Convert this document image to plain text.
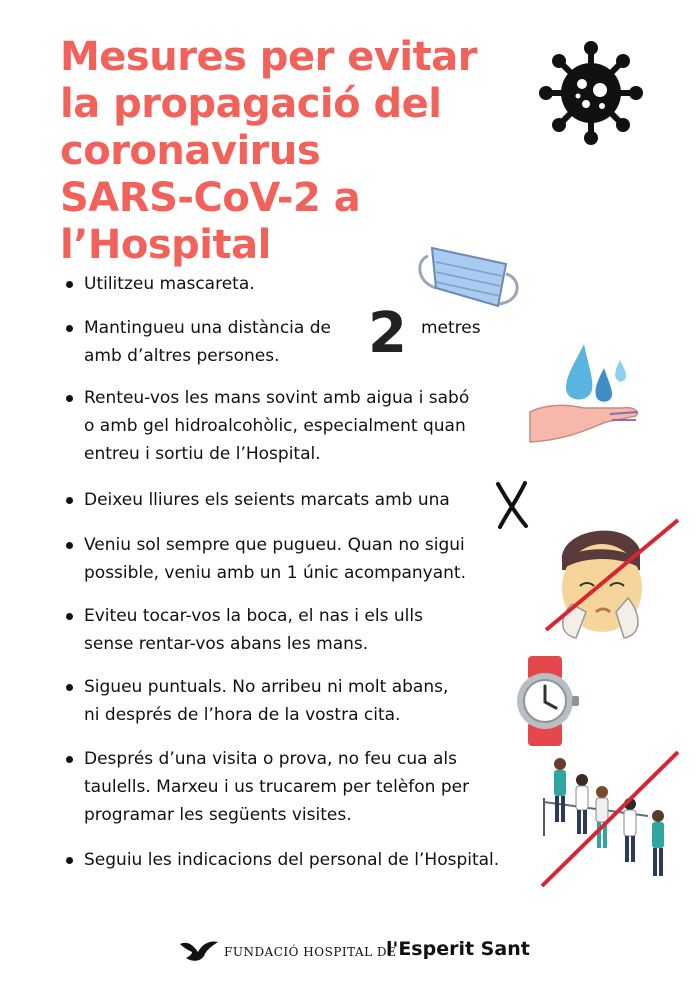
Mesures per evitar
la propagació del
coronavirus
SARS-CoV-2 a l’Hospital
Utilitzeu mascareta.
Mantingueu una distància de 2 metres
amb d’altres persones.
Renteu-vos les mans sovint amb aigua i sabó
o amb gel hidroalcohòlic, especialment quan
entreu i sortiu de l’Hospital.
Deixeu lliures els seients marcats amb una
Veniu sol sempre que pugueu. Quan no sigui
possible, veniu amb un 1 únic acompanyant.
Eviteu tocar-vos la boca, el nas i els ulls
sense rentar-vos abans les mans.
Sigueu puntuals. No arribeu ni molt abans,
ni després de l’hora de la vostra cita.
Després d’una visita o prova, no feu cua als
taulells. Marxeu i us trucarem per telèfon per
programar les següents visites.
Seguiu les indicacions del personal de l’Hospital.
FUNDACIÓ HOSPITAL DE
l'Esperit Sant
